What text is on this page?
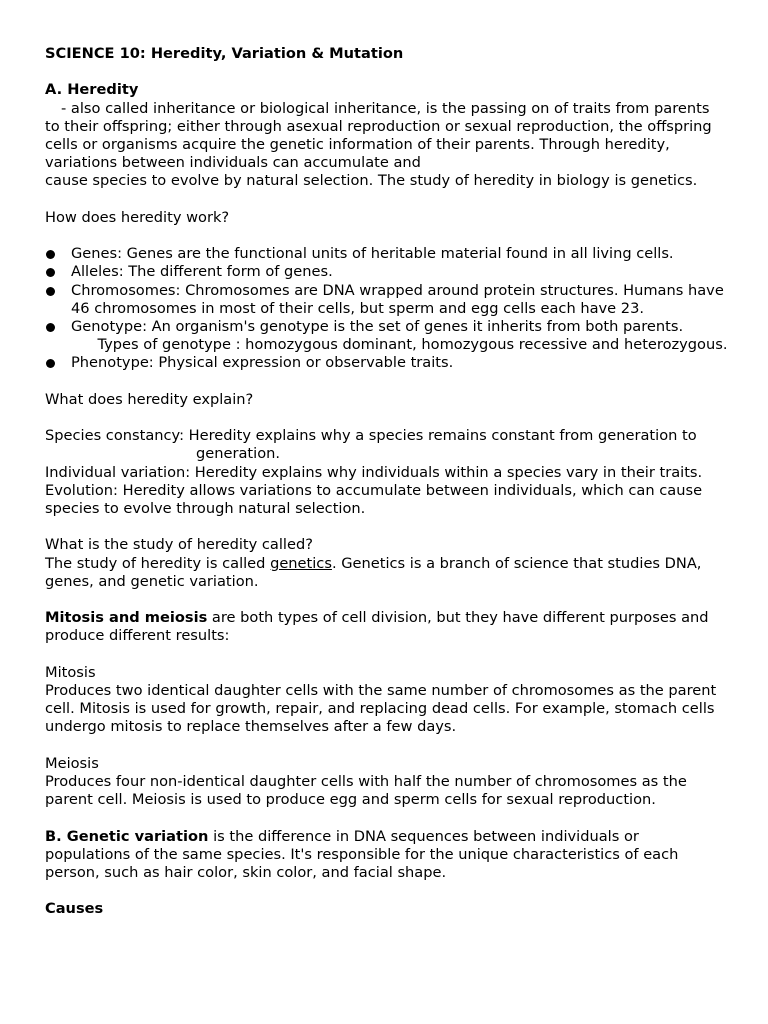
SCIENCE 10: Heredity, Variation & Mutation

A. Heredity

- also called inheritance or biological inheritance, is the passing on of traits from parents to their offspring; either through asexual reproduction or sexual reproduction, the offspring cells or organisms acquire the genetic information of their parents. Through heredity, variations between individuals can accumulate and

cause species to evolve by natural selection. The study of heredity in biology is genetics.

How does heredity work?

Genes: Genes are the functional units of heritable material found in all living cells.
Alleles: The different form of genes.
Chromosomes: Chromosomes are DNA wrapped around protein structures. Humans have 46 chromosomes in most of their cells, but sperm and egg cells each have 23.
Genotype: An organism's genotype is the set of genes it inherits from both parents.
Types of genotype : homozygous dominant, homozygous recessive and heterozygous.
Phenotype: Physical expression or observable traits.

What does heredity explain?

Species constancy: Heredity explains why a species remains constant from generation to

generation.

Individual variation: Heredity explains why individuals within a species vary in their traits.

Evolution: Heredity allows variations to accumulate between individuals, which can cause species to evolve through natural selection.

What is the study of heredity called?

The study of heredity is called genetics. Genetics is a branch of science that studies DNA, genes, and genetic variation.

Mitosis and meiosis are both types of cell division, but they have different purposes and produce different results:

Mitosis

Produces two identical daughter cells with the same number of chromosomes as the parent cell. Mitosis is used for growth, repair, and replacing dead cells. For example, stomach cells undergo mitosis to replace themselves after a few days.

Meiosis

Produces four non-identical daughter cells with half the number of chromosomes as the parent cell. Meiosis is used to produce egg and sperm cells for sexual reproduction.

B. Genetic variation is the difference in DNA sequences between individuals or populations of the same species. It's responsible for the unique characteristics of each person, such as hair color, skin color, and facial shape.

Causes
